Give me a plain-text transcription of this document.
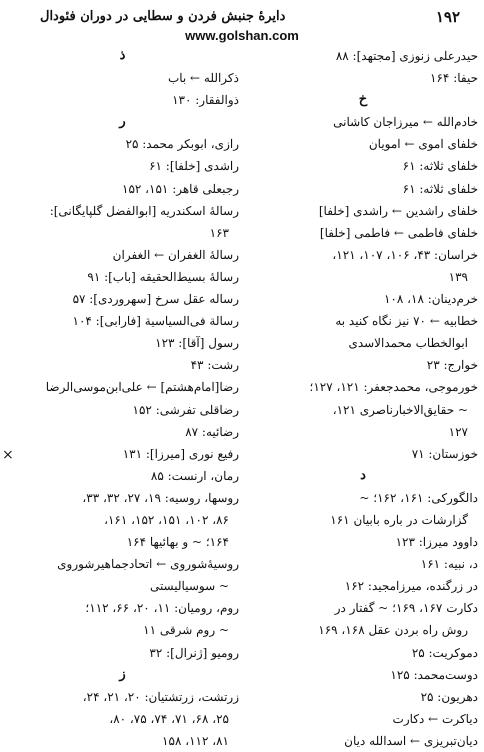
۱۹۲
دایرهٔ جنبش فردن و سطایی در دوران فئودال
www.golshan.com
حیدرعلی زنوزی [مجتهد]: ۸۸
حیفا: ۱۶۴
خ
خادم‌الله ← میرزاجان کاشانی
خلفای اموی ← امویان
خلفای ثلاثه: ۶۱
خلفای ثلاثه: ۶۱
خلفای راشدین ← راشدی [خلفا]
خلفای فاطمی ← فاطمی [خلفا]
خراسان: ۴۳، ۱۰۶، ۱۰۷، ۱۲۱،
۱۳۹
خرم‌دینان: ۱۸، ۱۰۸
خطابیه ← ۷۰ نیز نگاه کنید به
ابوالخطاب محمدالاسدی
خوارج: ۲۳
خورموجی، محمدجعفر: ۱۲۱، ۱۲۷؛
~ حقایق‌الاخبارناصری ۱۲۱،
۱۲۷
خوزستان: ۷۱
د
دالگورکی: ۱۶۱، ۱۶۲؛ ~
گزارشات در باره بابیان ۱۶۱
داوود میرزا: ۱۲۳
د، نبیه: ۱۶۱
در زرگنده، میرزامجید: ۱۶۲
دکارت ۱۶۷، ۱۶۹؛ ~ گفتار در
روش راه بردن عقل ۱۶۸، ۱۶۹
دموکریت: ۲۵
دوست‌محمد: ۱۲۵
دهریون: ۲۵
دیاکرت ← دکارت
دیان‌تبریزی ← اسدالله دیان
ذ
ذکرالله ← باب
ذوالفقار: ۱۳۰
ر
رازی، ابوبکر محمد: ۲۵
راشدی [خلفا]: ۶۱
رجبعلی قاهر: ۱۵۱، ۱۵۲
رسالهٔ اسکندریه [ابوالفضل گلپایگانی]:
۱۶۳
رسالهٔ الغفران ← الغفران
رسالهٔ بسیط‌الحقیقه [باب]: ۹۱
رساله عقل سرخ [سهروردی]: ۵۷
رسالة فی‌السیاسیة [فارابی]: ۱۰۴
رسول [آقا]: ۱۲۳
رشت: ۴۳
رضا[امام‌هشتم] ← علی‌ابن‌موسی‌الرضا
رضاقلی تفرشی: ۱۵۲
رضائیه: ۸۷
رفیع نوری [میرزا]: ۱۳۱
رمان، ارنست: ۸۵
روسها، روسیه: ۱۹، ۲۷، ۳۲، ۳۳،
۸۶، ۱۰۲، ۱۵۱، ۱۵۲، ۱۶۱،
۱۶۴؛ ~ و بهائیها ۱۶۴
روسیهٔ‌شوروی ← اتحادجماهیرشوروی
~ سوسیالیستی
روم، رومیان: ۱۱، ۲۰، ۶۶، ۱۱۲؛
~ روم شرقی ۱۱
رومیو [ژنرال]: ۳۲
ز
زرتشت، زرتشتیان: ۲۰، ۲۱، ۲۴،
۲۵، ۶۸، ۷۱، ۷۴، ۷۵، ۸۰،
۸۱، ۱۱۲، ۱۵۸
×
